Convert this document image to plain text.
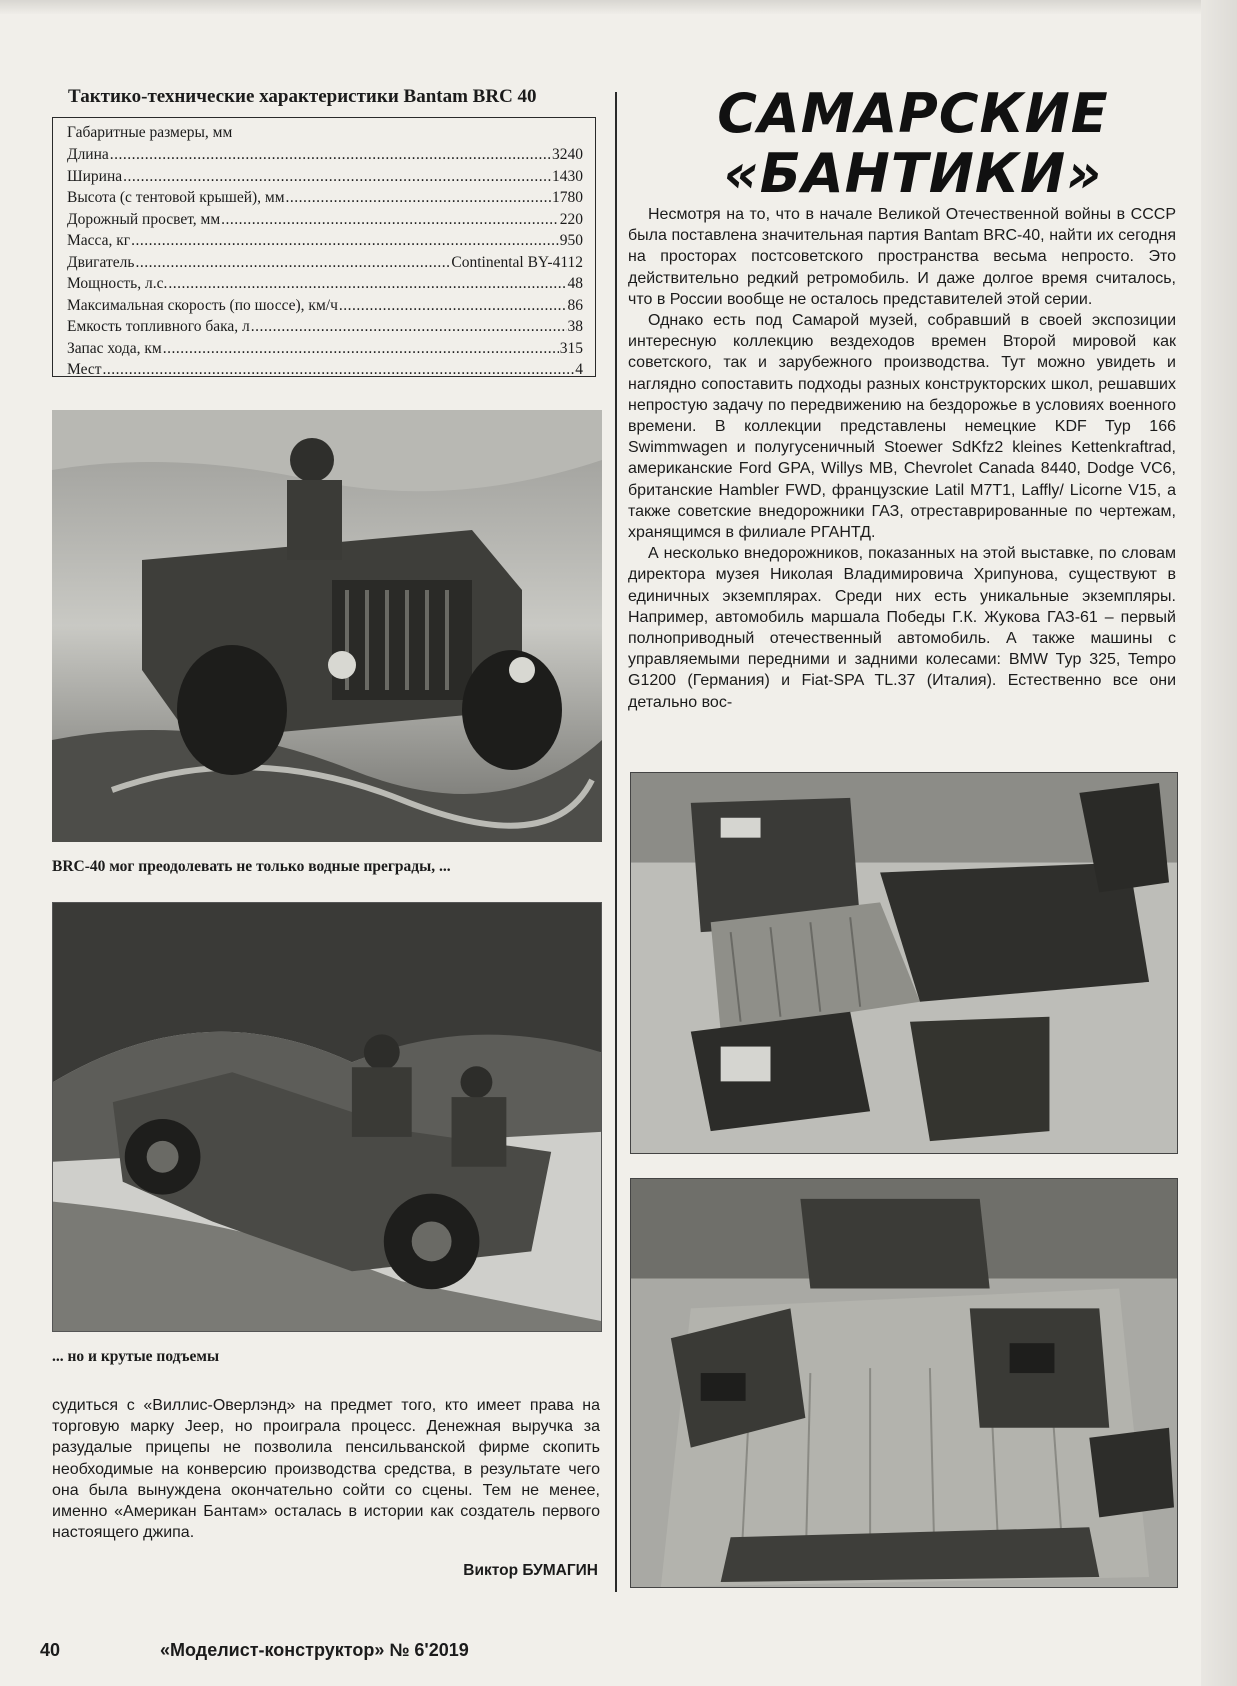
Тактико-технические характеристики Bantam BRC 40
Габаритные размеры, мм
Длина .....	3240
Ширина .....	1430
Высота (с тентовой крышей), мм .....	1780
Дорожный просвет, мм .....	220
Масса, кг .....	950
Двигатель .....	Continental BY-4112
Мощность, л.с. .....	48
Максимальная скорость (по шоссе), км/ч .....	86
Емкость топливного бака, л .....	38
Запас хода, км .....	315
Мест .....	4
BRC-40 мог преодолевать не только водные преграды, ...
... но и крутые подъемы

судиться с «Виллис-Оверлэнд» на предмет того, кто имеет права на торговую марку Jeep, но проиграла процесс. Денежная выручка за разудалые прицепы не позволила пенсильванской фирме скопить необходимые на конверсию производства средства, в результате чего она была вынуждена окончательно сойти со сцены. Тем не менее, именно «Американ Бантам» осталась в истории как создатель первого настоящего джипа.

Виктор БУМАГИН
САМАРСКИЕ
«БАНТИКИ»

Несмотря на то, что в начале Великой Отечественной войны в СССР была поставлена значительная партия Bantam BRC-40, найти их сегодня на просторах постсоветского пространства весьма непросто. Это действительно редкий ретромобиль. И даже долгое время считалось, что в России вообще не осталось представителей этой серии.

Однако есть под Самарой музей, собравший в своей экспозиции интересную коллекцию вездеходов времен Второй мировой как советского, так и зарубежного производства. Тут можно увидеть и наглядно сопоставить подходы разных конструкторских школ, решавших непростую задачу по передвижению на бездорожье в условиях военного времени. В коллекции представлены немецкие KDF Typ 166 Swimmwagen и полугусеничный Stoewer SdKfz2 kleines Kettenkraftrad, американские Ford GPA, Willys MB, Chevrolet Canada 8440, Dodge VC6, британские Hambler FWD, французские Latil M7T1, Laffly/ Licorne V15, а также советские внедорожники ГАЗ, отреставрированные по чертежам, хранящимся в филиале РГАНТД.

А несколько внедорожников, показанных на этой выставке, по словам директора музея Николая Владимировича Хрипунова, существуют в единичных экземплярах. Среди них есть уникальные экземпляры. Например, автомобиль маршала Победы Г.К. Жукова ГАЗ-61 – первый полноприводный отечественный автомобиль. А также машины с управляемыми передними и задними колесами: BMW Typ 325, Tempo G1200 (Германия) и Fiat-SPA TL.37 (Италия). Естественно все они детально вос-

40	«Моделист-конструктор» № 6'2019
